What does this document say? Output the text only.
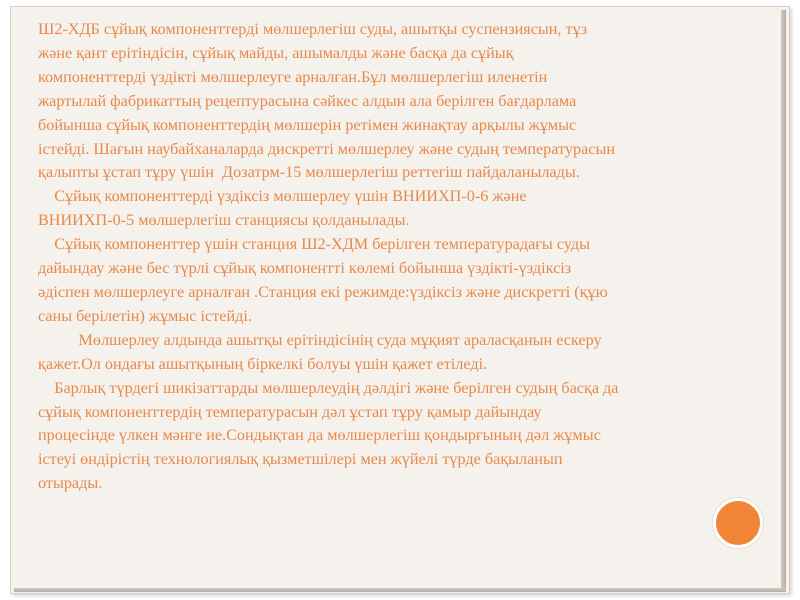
Ш2-ХДБ сұйық компоненттерді мөлшерлегіш суды, ашытқы суспензиясын, тұз
және қант ерітіндісін, сұйық майды, ашымалды және басқа да сұйық
компоненттерді үздікті мөлшерлеуге арналған.Бұл мөлшерлегіш иленетін
жартылай фабрикаттың рецептурасына сәйкес алдын ала берілген бағдарлама
бойынша сұйық компоненттердің мөлшерін ретімен жинақтау арқылы жұмыс
істейді. Шағын наубайханаларда дискретті мөлшерлеу және судың температурасын
қалыпты ұстап тұру үшін  Дозатрм-15 мөлшерлегіш реттегіш пайдаланылады.
Сұйық компоненттерді үздіксіз мөлшерлеу үшін ВНИИХП-0-6 және
ВНИИХП-0-5 мөлшерлегіш станциясы қолданылады.
Сұйық компоненттер үшін станция Ш2-ХДМ берілген температурадағы суды
дайындау және бес түрлі сұйық компонентті көлемі бойынша үздікті-үздіксіз
әдіспен мөлшерлеуге арналған .Станция екі режимде:үздіксіз және дискретті (құю
саны берілетін) жұмыс істейді.
Мөлшерлеу алдында ашытқы ерітіндісінің суда мұқият араласқанын ескеру
қажет.Ол ондағы ашытқының біркелкі болуы үшін қажет етіледі.
Барлық түрдегі шикізаттарды мөлшерлеудің дәлдігі және берілген судың басқа да
сұйық компоненттердің температурасын дәл ұстап тұру қамыр дайындау
процесінде үлкен мәнге ие.Сондықтан да мөлшерлегіш қондырғының дәл жұмыс
істеуі өндірістің технологиялық қызметшілері мен жүйелі түрде бақыланып
отырады.
